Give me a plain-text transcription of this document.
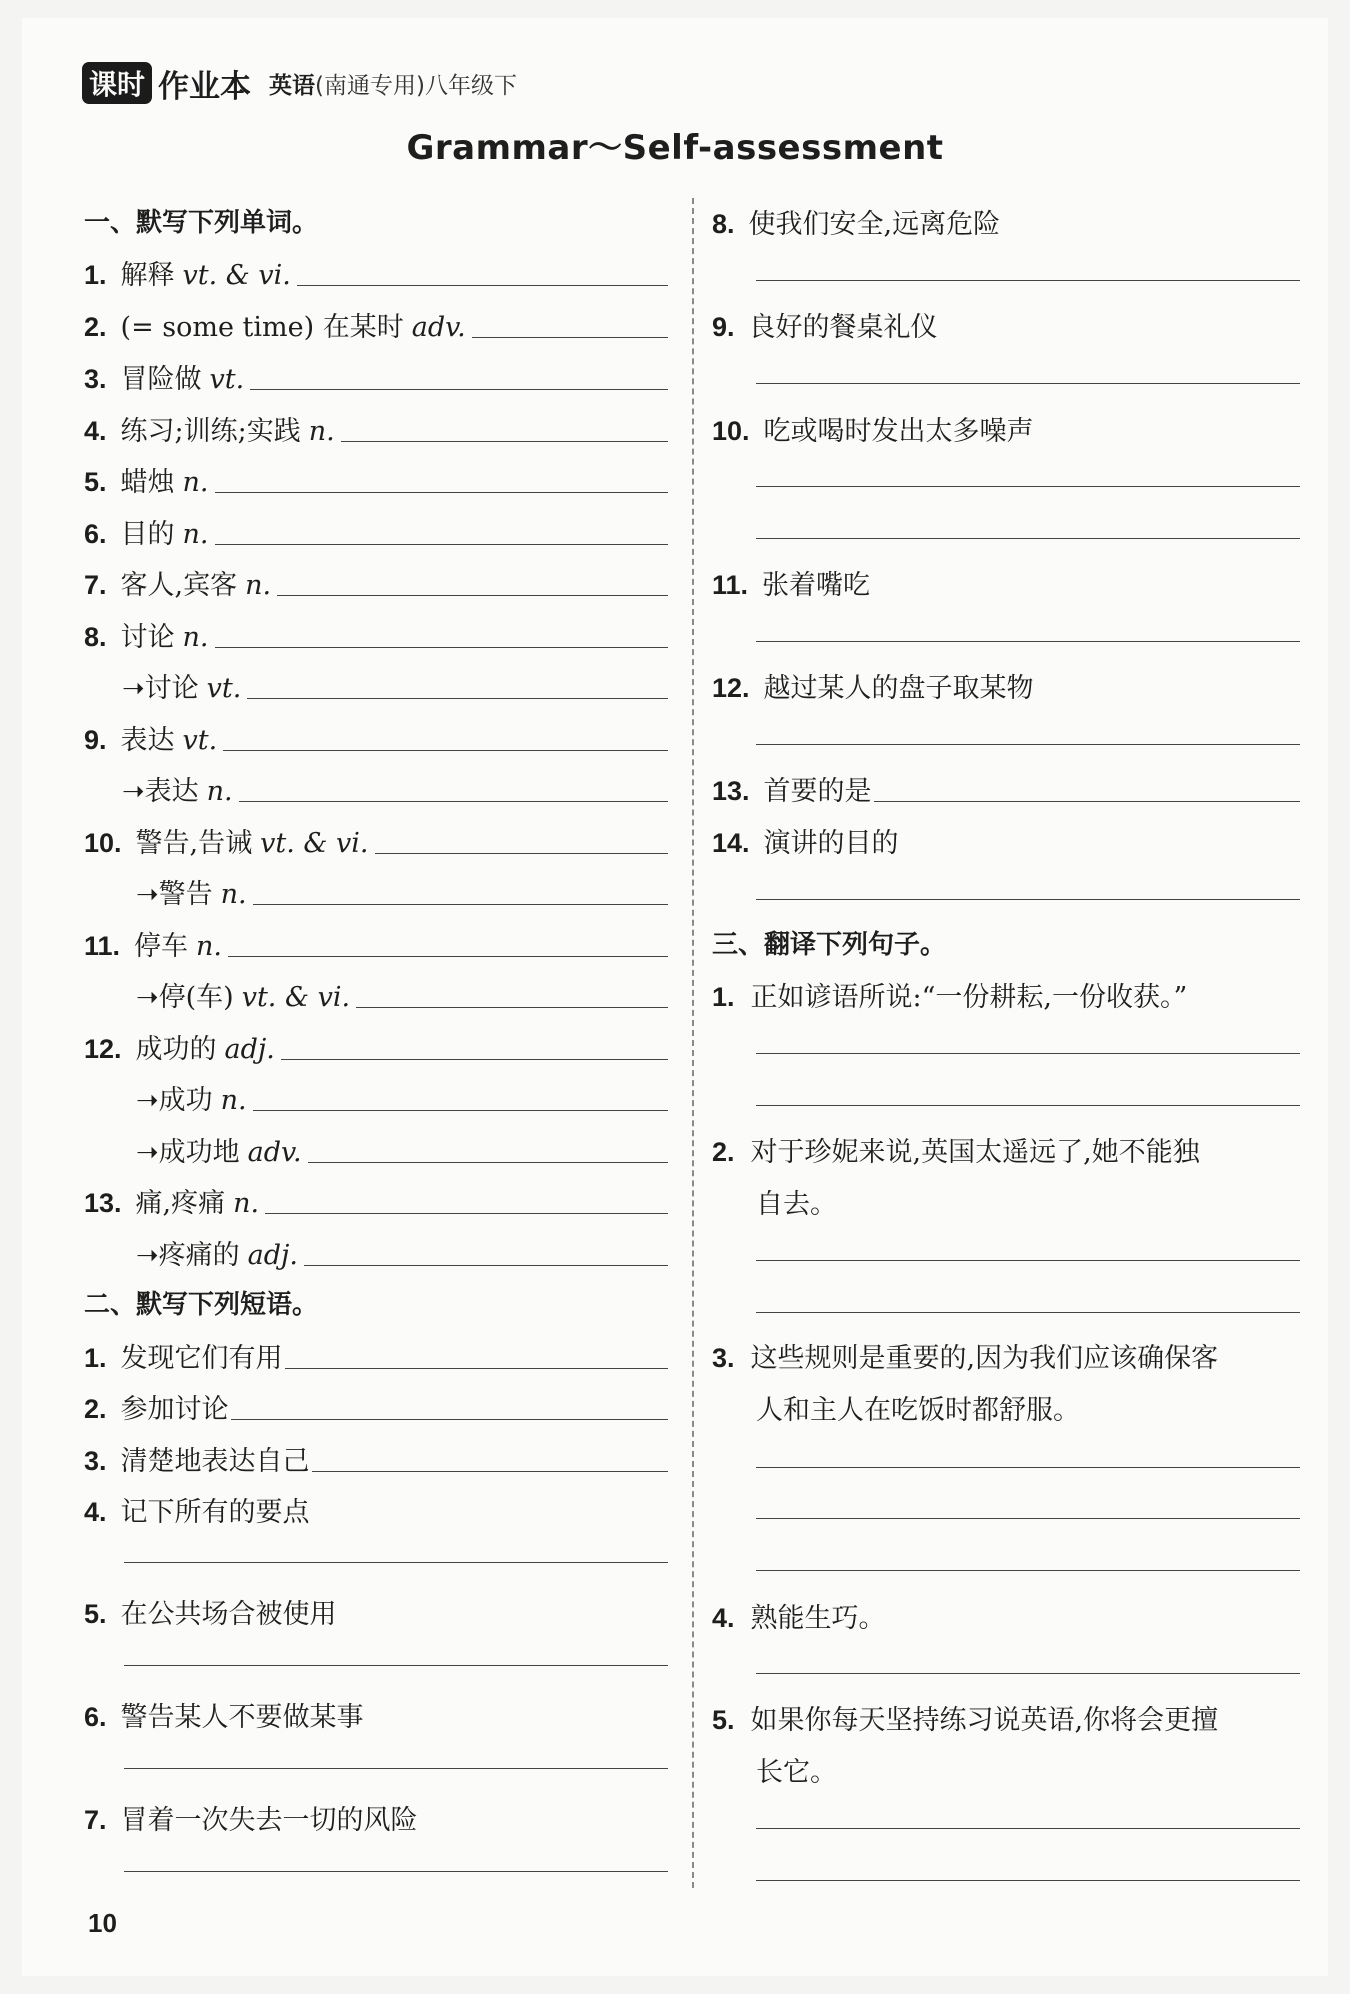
课时 作业本 英语 (南通专用)八年级下
Grammar～Self-assessment
一、默写下列单词。
1. 解释 vt. & vi.
2. (= some time) 在某时 adv.
3. 冒险做 vt.
4. 练习;训练;实践 n.
5. 蜡烛 n.
6. 目的 n.
7. 客人,宾客 n.
8. 讨论 n.
➝讨论 vt.
9. 表达 vt.
➝表达 n.
10. 警告,告诫 vt. & vi.
➝警告 n.
11. 停车 n.
➝停(车) vt. & vi.
12. 成功的 adj.
➝成功 n.
➝成功地 adv.
13. 痛,疼痛 n.
➝疼痛的 adj.
二、默写下列短语。
1. 发现它们有用
2. 参加讨论
3. 清楚地表达自己
4. 记下所有的要点
5. 在公共场合被使用
6. 警告某人不要做某事
7. 冒着一次失去一切的风险
8. 使我们安全,远离危险
9. 良好的餐桌礼仪
10. 吃或喝时发出太多噪声
11. 张着嘴吃
12. 越过某人的盘子取某物
13. 首要的是
14. 演讲的目的
三、翻译下列句子。
1. 正如谚语所说:“一份耕耘,一份收获。”
2. 对于珍妮来说,英国太遥远了,她不能独
自去。
3. 这些规则是重要的,因为我们应该确保客
人和主人在吃饭时都舒服。
4. 熟能生巧。
5. 如果你每天坚持练习说英语,你将会更擅
长它。
10
